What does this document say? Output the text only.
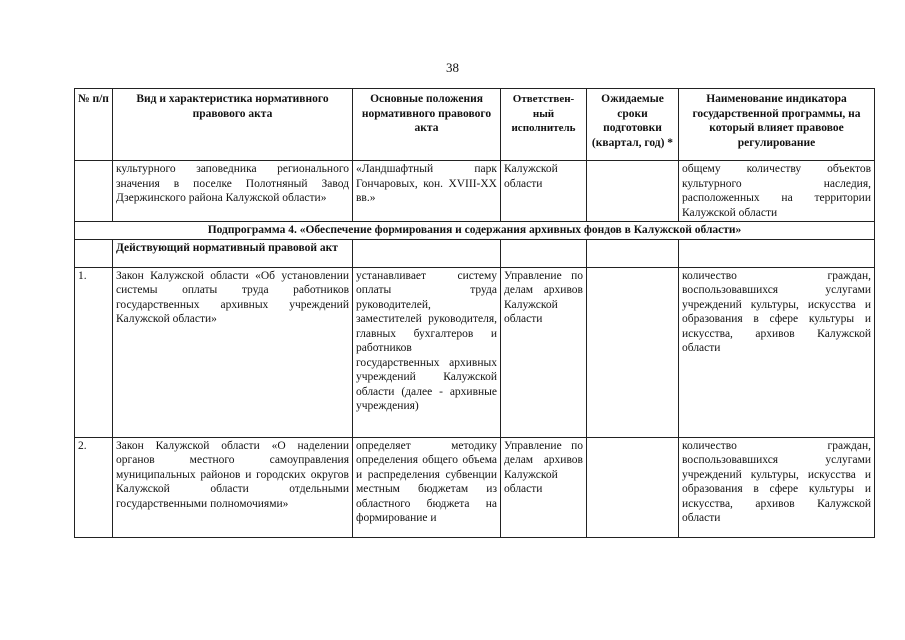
38
№ п/п	Вид и характеристика нормативного правового акта	Основные положения нормативного правового акта	Ответствен-ный исполнитель	Ожидаемые сроки подготовки (квартал, год) *	Наименование индикатора государственной программы, на который влияет правовое регулирование
	культурного заповедника регионального значения в поселке Полотняный Завод Дзержинского района Калужской области»	«Ландшафтный парк Гончаровых, кон. XVIII-XX вв.»	Калужской области		общему количеству объектов культурного наследия, расположенных на территории Калужской области
Подпрограмма 4. «Обеспечение формирования и содержания архивных фондов в Калужской области»					
	Действующий нормативный правовой акт				
1.	Закон Калужской области «Об установлении системы оплаты труда работников государственных архивных учреждений Калужской области»	устанавливает систему оплаты труда руководителей, заместителей руководителя, главных бухгалтеров и работников государственных архивных учреждений Калужской области (далее - архивные учреждения)	Управление по делам архивов Калужской области		количество граждан, воспользовавшихся услугами учреждений культуры, искусства и образования в сфере культуры и искусства, архивов Калужской области
2.	Закон Калужской области «О наделении органов местного самоуправления муниципальных районов и городских округов Калужской области отдельными государственными полномочиями»	определяет методику определения общего объема и распределения субвенции местным бюджетам из областного бюджета на формирование и	Управление по делам архивов Калужской области		количество граждан, воспользовавшихся услугами учреждений культуры, искусства и образования в сфере культуры и искусства, архивов Калужской области
